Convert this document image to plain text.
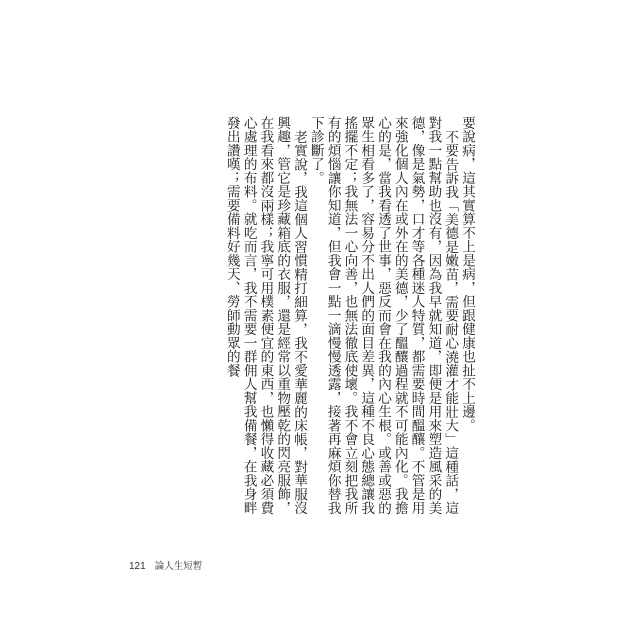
要說病，這其實算不上是病，但跟健康也扯不上邊。

不要告訴我「美德是嫩苗，需要耐心澆灌才能壯大」這種話，這對我一點幫助也沒有，因為我早就知道，即便是用來塑造風采的美德，像是氣勢，口才等各種迷人特質，都需要時間醞釀。不管是用來強化個人內在或外在的美德，少了醞釀過程就不可能內化。我擔心的是，當我看透了世事，惡反而會在我的內心生根。或善或惡的眾生相看多了，容易分不出人們的面目差異，這種不良心態總讓我搖擺不定；我無法一心向善，也無法徹底使壞。我不會立刻把我所有的煩惱讓你知道，但我會一點一滴慢慢透露，接著再麻煩你替我下診斷了。

老實說，我這個人習慣精打細算，我不愛華麗的床帳，對華服沒興趣，管它是珍藏箱底的衣服，還是經常以重物壓乾的閃亮服飾，在我看來都沒兩樣；我寧可用樸素便宜的東西，也懶得收藏必須費心處理的布料。就吃而言，我不需要一群佣人幫我備餐，在我身畔發出讚嘆；需要備料好幾天、勞師動眾的餐

121 論人生短暫
